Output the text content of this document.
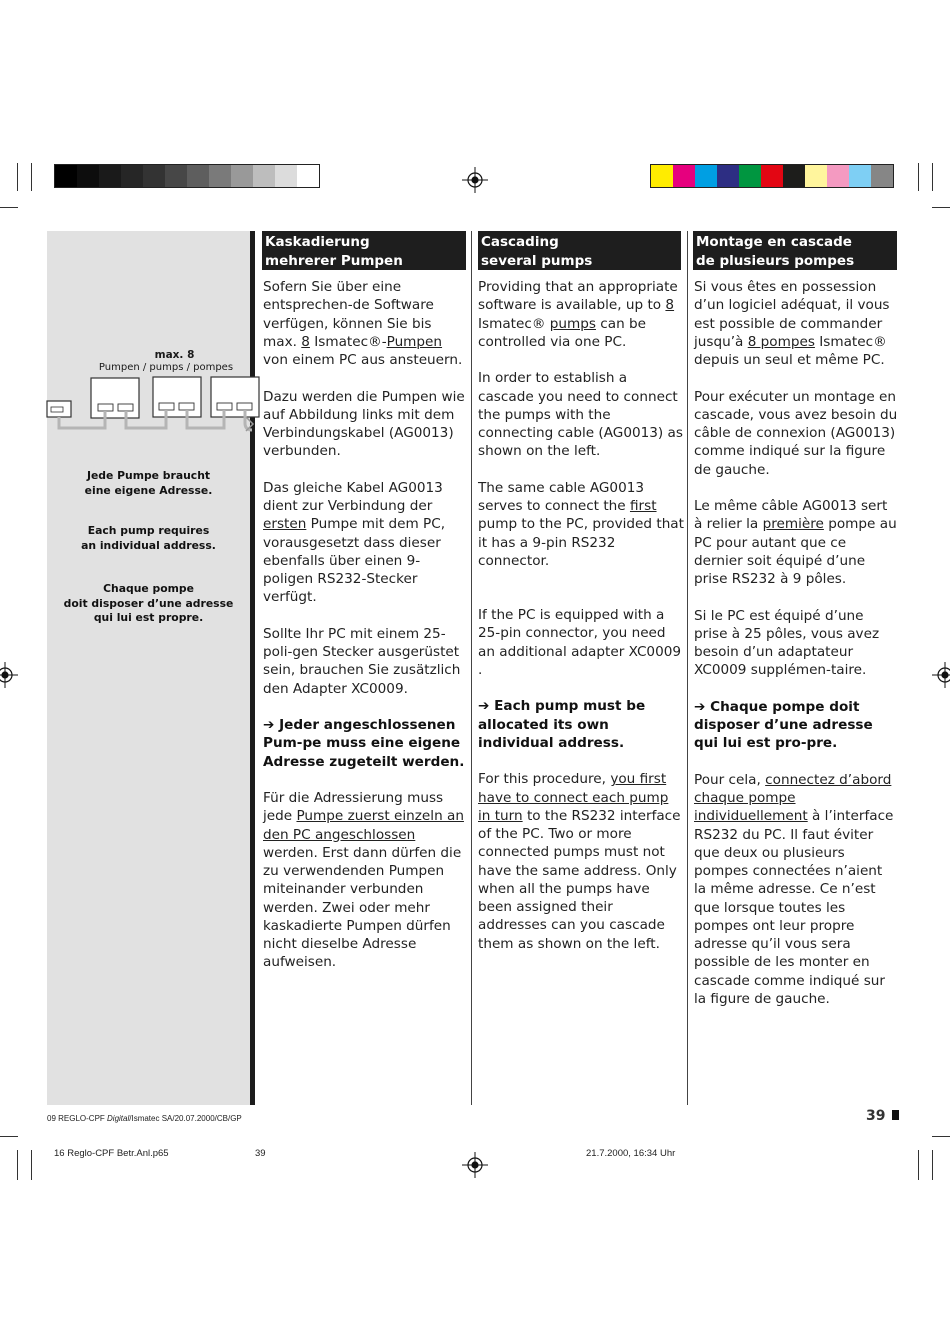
max. 8
Pumpen / pumps / pompes
Jede Pumpe braucht
eine eigene Adresse.
Each pump requires
an individual address.
Chaque pompe
doit disposer d’une adresse
qui lui est propre.
Kaskadierung
mehrerer Pumpen
Cascading
several pumps
Montage en cascade
de plusieurs pompes

Sofern Sie über eine entsprechen-de Software verfügen, können Sie bis max. 8 Ismatec®-Pumpen von einem PC aus ansteuern.

Dazu werden die Pumpen wie auf Abbildung links mit dem Verbindungskabel (AG0013) verbunden.

Das gleiche Kabel AG0013 dient zur Verbindung der ersten Pumpe mit dem PC, vorausgesetzt dass dieser ebenfalls über einen 9-poligen RS232-Stecker verfügt.

Sollte Ihr PC mit einem 25-poli-gen Stecker ausgerüstet sein, brauchen Sie zusätzlich den Adapter XC0009.

➔ Jeder angeschlossenen Pum-pe muss eine eigene Adresse zugeteilt werden.

Für die Adressierung muss jede Pumpe zuerst einzeln an den PC angeschlossen werden. Erst dann dürfen die zu verwendenden Pumpen miteinander verbunden werden. Zwei oder mehr kaskadierte Pumpen dürfen nicht dieselbe Adresse aufweisen.

Providing that an appropriate software is available, up to 8 Ismatec® pumps can be controlled via one PC.

In order to establish a cascade you need to connect the pumps with the connecting cable (AG0013) as shown on the left.

The same cable AG0013 serves to connect the first pump to the PC, provided that it has a 9-pin RS232 connector.

If the PC is equipped with a 25-pin connector, you need an additional adapter XC0009 .

➔ Each pump must be allocated its own individual address.

For this procedure, you first have to connect each pump in turn to the RS232 interface of the PC. Two or more connected pumps must not have the same address. Only when all the pumps have been assigned their addresses can you cascade them as shown on the left.

Si vous êtes en possession d’un logiciel adéquat, il vous est possible de commander jusqu’à 8 pompes Ismatec® depuis un seul et même PC.

Pour exécuter un montage en cascade, vous avez besoin du câble de connexion (AG0013) comme indiqué sur la figure de gauche.

Le même câble AG0013 sert à relier la première pompe au PC pour autant que ce dernier soit équipé d’une prise RS232 à 9 pôles.

Si le PC est équipé d’une prise à 25 pôles, vous avez besoin d’un adaptateur XC0009 supplémen-taire.

➔ Chaque pompe doit disposer d’une adresse qui lui est pro-pre.

Pour cela, connectez d’abord chaque pompe individuellement à l’interface RS232 du PC. Il faut éviter que deux ou plusieurs pompes connectées n’aient la même adresse. Ce n’est que lorsque toutes les pompes ont leur propre adresse qu’il vous sera possible de les monter en cascade comme indiqué sur la figure de gauche.

09 REGLO-CPF Digital/Ismatec SA/20.07.2000/CB/GP	39
16 Reglo-CPF Betr.Anl.p65	39	21.7.2000, 16:34 Uhr
